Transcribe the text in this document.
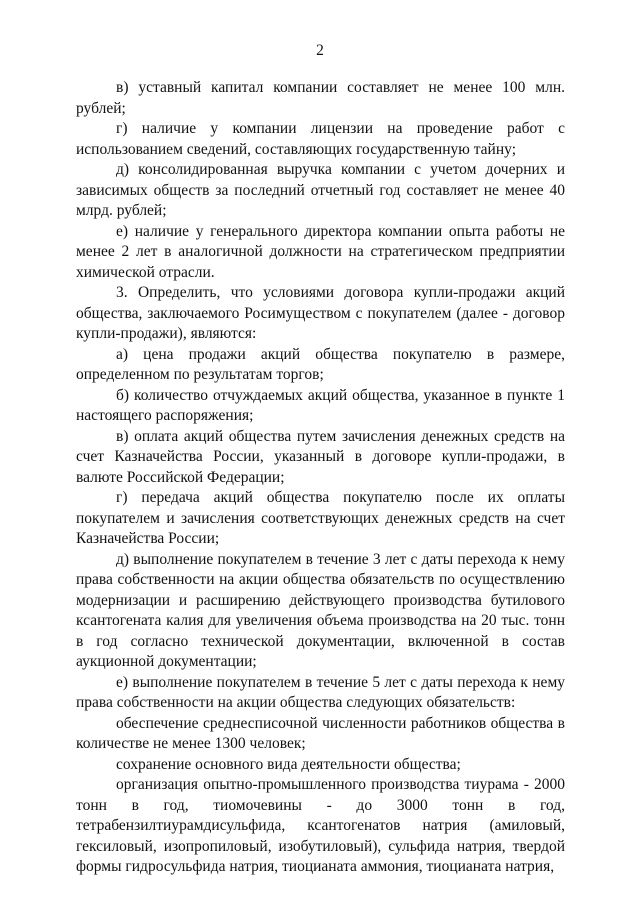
2

в) уставный капитал компании составляет не менее 100 млн. рублей;

г) наличие у компании лицензии на проведение работ с использованием сведений, составляющих государственную тайну;

д) консолидированная выручка компании с учетом дочерних и зависимых обществ за последний отчетный год составляет не менее 40 млрд. рублей;

е) наличие у генерального директора компании опыта работы не менее 2 лет в аналогичной должности на стратегическом предприятии химической отрасли.

3. Определить, что условиями договора купли-продажи акций общества, заключаемого Росимуществом с покупателем (далее - договор купли-продажи), являются:

а) цена продажи акций общества покупателю в размере, определенном по результатам торгов;

б) количество отчуждаемых акций общества, указанное в пункте 1 настоящего распоряжения;

в) оплата акций общества путем зачисления денежных средств на счет Казначейства России, указанный в договоре купли-продажи, в валюте Российской Федерации;

г) передача акций общества покупателю после их оплаты покупателем и зачисления соответствующих денежных средств на счет Казначейства России;

д) выполнение покупателем в течение 3 лет с даты перехода к нему права собственности на акции общества обязательств по осуществлению модернизации и расширению действующего производства бутилового ксантогената калия для увеличения объема производства на 20 тыс. тонн в год согласно технической документации, включенной в состав аукционной документации;

е) выполнение покупателем в течение 5 лет с даты перехода к нему права собственности на акции общества следующих обязательств:

обеспечение среднесписочной численности работников общества в количестве не менее 1300 человек;

сохранение основного вида деятельности общества;

организация опытно-промышленного производства тиурама - 2000 тонн в год, тиомочевины - до 3000 тонн в год, тетрабензилтиурамдисульфида, ксантогенатов натрия (амиловый, гексиловый, изопропиловый, изобутиловый), сульфида натрия, твердой формы гидросульфида натрия, тиоцианата аммония, тиоцианата натрия,
